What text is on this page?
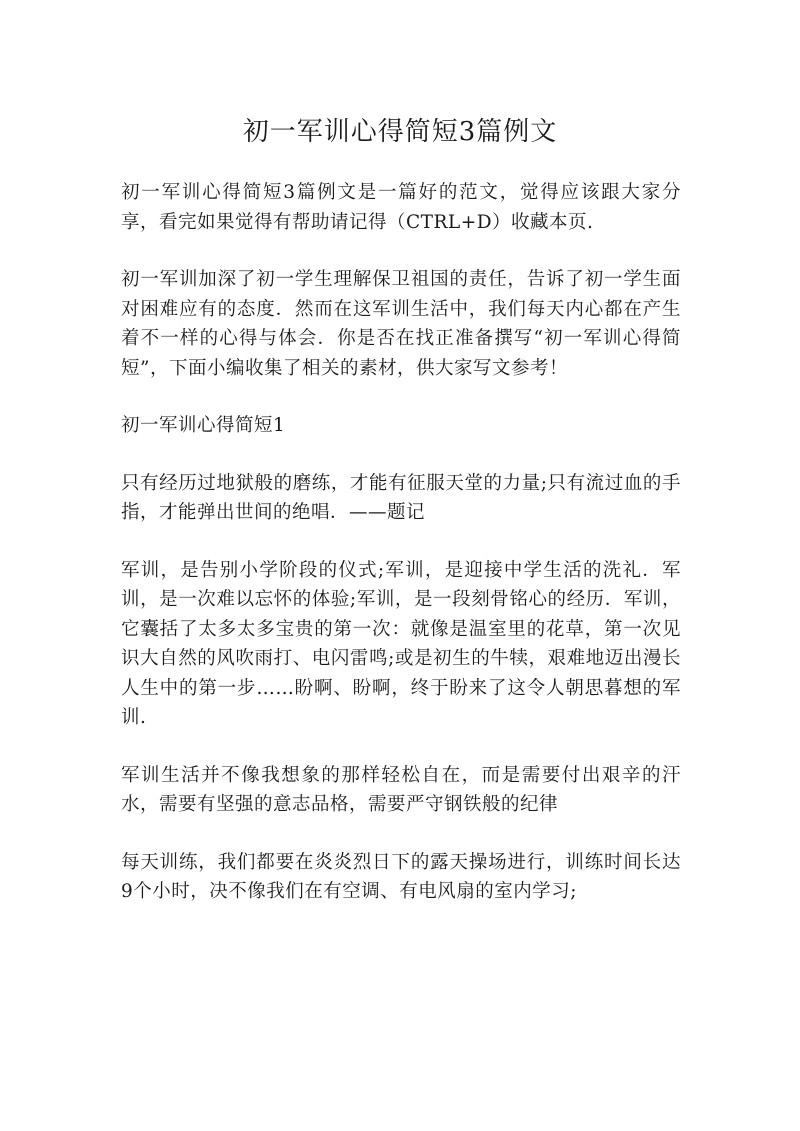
初一军训心得简短3篇例文

初一军训心得简短3篇例文是一篇好的范文，觉得应该跟大家分享，看完如果觉得有帮助请记得（CTRL+D）收藏本页.

初一军训加深了初一学生理解保卫祖国的责任，告诉了初一学生面对困难应有的态度．然而在这军训生活中，我们每天内心都在产生着不一样的心得与体会．你是否在找正准备撰写“初一军训心得简短”，下面小编收集了相关的素材，供大家写文参考！

初一军训心得简短1

只有经历过地狱般的磨练，才能有征服天堂的力量;只有流过血的手指，才能弹出世间的绝唱．——题记

军训，是告别小学阶段的仪式;军训，是迎接中学生活的洗礼．军训，是一次难以忘怀的体验;军训，是一段刻骨铭心的经历．军训，它囊括了太多太多宝贵的第一次：就像是温室里的花草，第一次见识大自然的风吹雨打、电闪雷鸣;或是初生的牛犊，艰难地迈出漫长人生中的第一步……盼啊、盼啊，终于盼来了这令人朝思暮想的军训.

军训生活并不像我想象的那样轻松自在，而是需要付出艰辛的汗水，需要有坚强的意志品格，需要严守钢铁般的纪律

每天训练，我们都要在炎炎烈日下的露天操场进行，训练时间长达9个小时，决不像我们在有空调、有电风扇的室内学习;
